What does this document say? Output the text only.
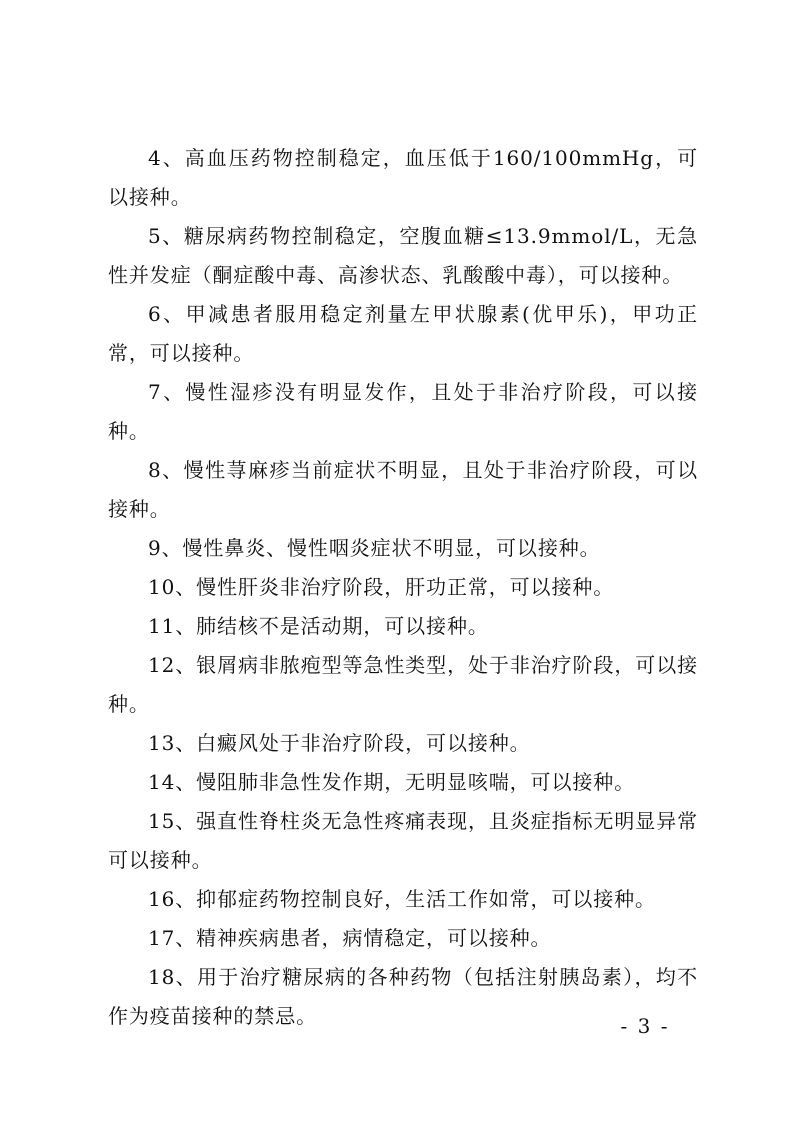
4、高血压药物控制稳定，血压低于160/100mmHg，可以接种。

5、糖尿病药物控制稳定，空腹血糖≤13.9mmol/L，无急性并发症（酮症酸中毒、高渗状态、乳酸酸中毒），可以接种。

6、甲减患者服用稳定剂量左甲状腺素(优甲乐)，甲功正常，可以接种。

7、慢性湿疹没有明显发作，且处于非治疗阶段，可以接种。

8、慢性荨麻疹当前症状不明显，且处于非治疗阶段，可以接种。

9、慢性鼻炎、慢性咽炎症状不明显，可以接种。

10、慢性肝炎非治疗阶段，肝功正常，可以接种。

11、肺结核不是活动期，可以接种。

12、银屑病非脓疱型等急性类型，处于非治疗阶段，可以接种。

13、白癜风处于非治疗阶段，可以接种。

14、慢阻肺非急性发作期，无明显咳喘，可以接种。

15、强直性脊柱炎无急性疼痛表现，且炎症指标无明显异常可以接种。

16、抑郁症药物控制良好，生活工作如常，可以接种。

17、精神疾病患者，病情稳定，可以接种。

18、用于治疗糖尿病的各种药物（包括注射胰岛素），均不作为疫苗接种的禁忌。	- 3 -
